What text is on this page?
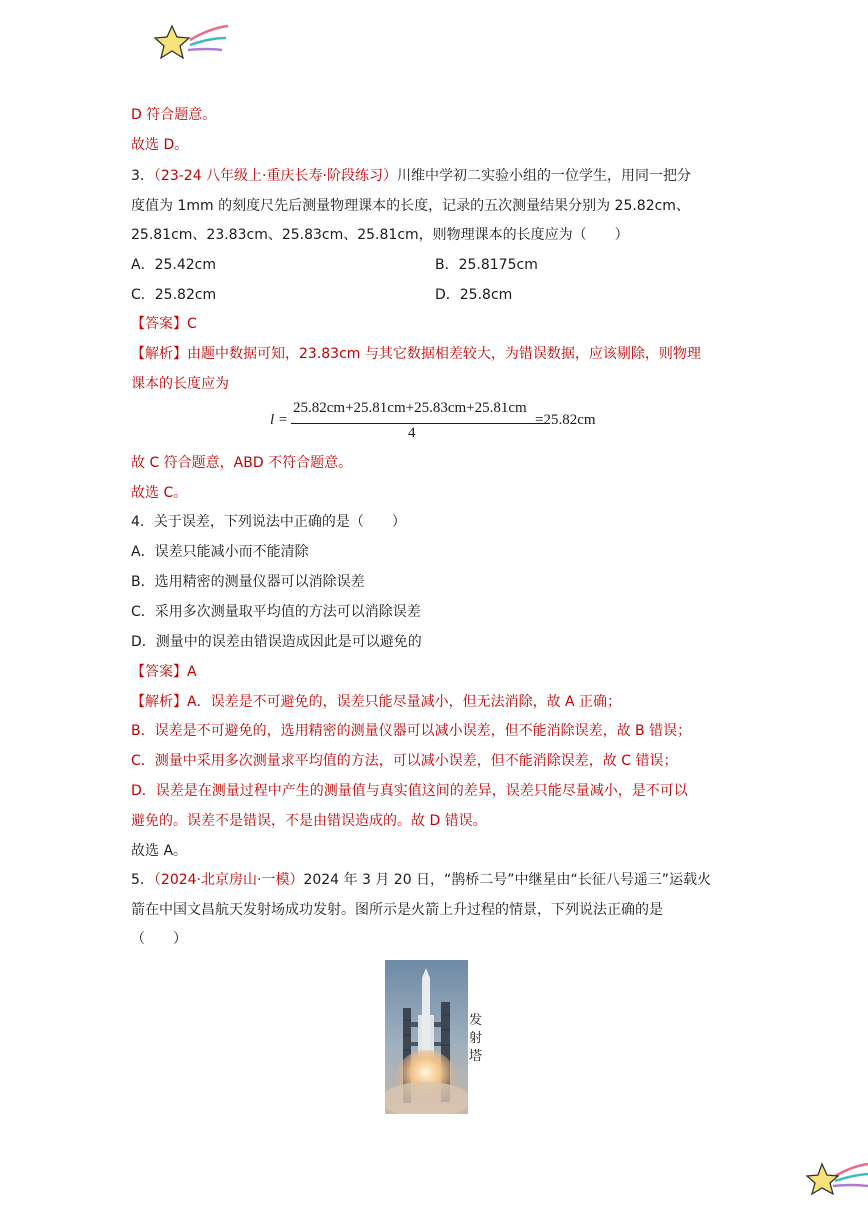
D 符合题意。
故选 D。
3．（23-24 八年级上·重庆长寿·阶段练习）川维中学初二实验小组的一位学生，用同一把分
度值为 1mm 的刻度尺先后测量物理课本的长度，记录的五次测量结果分别为 25.82cm、
25.81cm、23.83cm、25.83cm、25.81cm，则物理课本的长度应为（　　）
A．25.42cm	B．25.8175cm
C．25.82cm	D．25.8cm
【答案】C
【解析】由题中数据可知，23.83cm 与其它数据相差较大，为错误数据，应该剔除，则物理
课本的长度应为
l =
25.82cm+25.81cm+25.83cm+25.81cm
4
=25.82cm
故 C 符合题意，ABD 不符合题意。
故选 C。
4．关于误差，下列说法中正确的是（　　）
A．误差只能减小而不能清除
B．选用精密的测量仪器可以消除误差
C．采用多次测量取平均值的方法可以消除误差
D．测量中的误差由错误造成因此是可以避免的
【答案】A
【解析】A．误差是不可避免的，误差只能尽量减小，但无法消除，故 A 正确；
B．误差是不可避免的，选用精密的测量仪器可以减小误差，但不能消除误差，故 B 错误；
C．测量中采用多次测量求平均值的方法，可以减小误差，但不能消除误差，故 C 错误；
D．误差是在测量过程中产生的测量值与真实值这间的差异，误差只能尽量减小，是不可以
避免的。误差不是错误，不是由错误造成的。故 D 错误。
故选 A。
5．（2024·北京房山·一模）2024 年 3 月 20 日，“鹊桥二号”中继星由“长征八号遥三”运载火
箭在中国文昌航天发射场成功发射。图所示是火箭上升过程的情景，下列说法正确的是
（　　）
发射塔
